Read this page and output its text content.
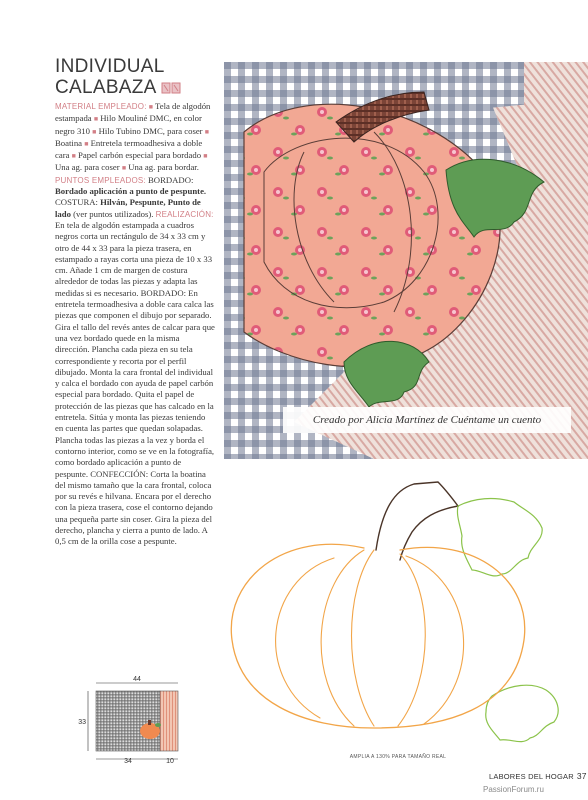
INDIVIDUAL
CALABAZA

MATERIAL EMPLEADO: ■ Tela de algodón estampada ■ Hilo Mouliné DMC, en color negro 310 ■ Hilo Tubino DMC, para coser ■ Boatina ■ Entretela termoadhesiva a doble cara ■ Papel carbón especial para bordado ■ Una ag. para coser ■ Una ag. para bordar. PUNTOS EMPLEADOS: BORDADO: Bordado aplicación a punto de pespunte. COSTURA: Hilván, Pespunte, Punto de lado (ver puntos utilizados). REALIZACIÓN: En tela de algodón estampada a cuadros negros corta un rectángulo de 34 x 33 cm y otro de 44 x 33 para la pieza trasera, en estampado a rayas corta una pieza de 10 x 33 cm. Añade 1 cm de margen de costura alrededor de todas las piezas y adapta las medidas si es necesario. BORDADO: En entretela termoadhesiva a doble cara calca las piezas que componen el dibujo por separado. Gira el tallo del revés antes de calcar para que una vez bordado quede en la misma dirección. Plancha cada pieza en su tela correspondiente y recorta por el perfil dibujado. Monta la cara frontal del individual y calca el bordado con ayuda de papel carbón especial para bordado. Quita el papel de protección de las piezas que has calcado en la entretela. Sitúa y monta las piezas teniendo en cuenta las partes que quedan solapadas. Plancha todas las piezas a la vez y borda el contorno interior, como se ve en la fotografía, como bordado aplicación a punto de pespunte. CONFECCIÓN: Corta la boatina del mismo tamaño que la cara frontal, coloca por su revés e hilvana. Encara por el derecho con la pieza trasera, cose el contorno dejando una pequeña parte sin coser. Gira la pieza del derecho, plancha y cierra a punto de lado. A 0,5 cm de la orilla cose a pespunte.

Creado por Alicia Martínez de Cuéntame un cuento
AMPLIA A 130% PARA TAMAÑO REAL
44
33
34	10
LABORES DEL HOGAR 37
PassionForum.ru
